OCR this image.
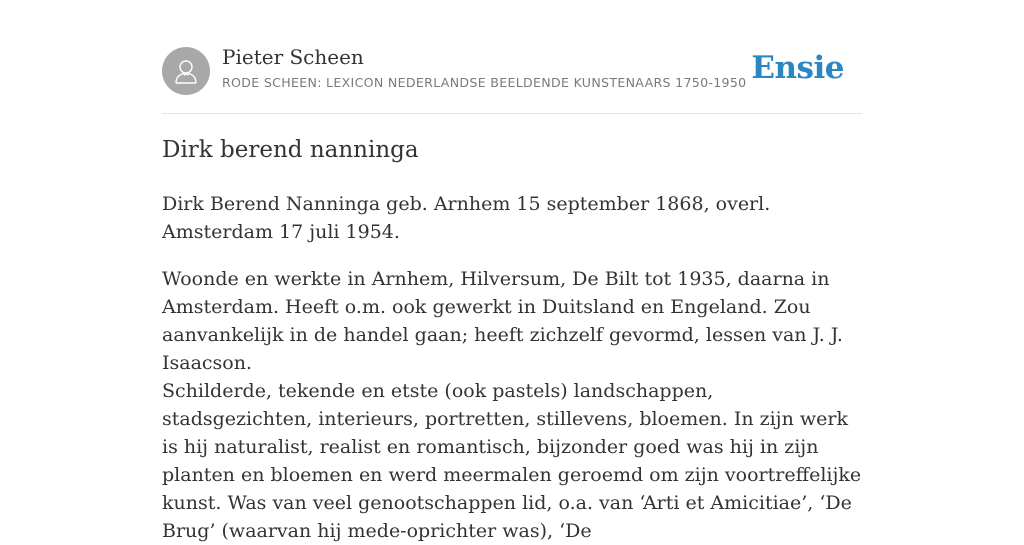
Pieter Scheen
RODE SCHEEN: LEXICON NEDERLANDSE BEELDENDE KUNSTENAARS 1750-1950 Ensie
Dirk berend nanninga

Dirk Berend Nanninga geb. Arnhem 15 september 1868, overl. Amsterdam 17 juli 1954.

Woonde en werkte in Arnhem, Hilversum, De Bilt tot 1935, daarna in Amsterdam. Heeft o.m. ook gewerkt in Duitsland en Engeland. Zou aanvankelijk in de handel gaan; heeft zichzelf gevormd, lessen van J. J. Isaacson.

Schilderde, tekende en etste (ook pastels) landschappen, stadsgezichten, interieurs, portretten, stillevens, bloemen. In zijn werk is hij naturalist, realist en romantisch, bijzonder goed was hij in zijn planten en bloemen en werd meermalen geroemd om zijn voortreffelijke kunst. Was van veel genootschappen lid, o.a. van ‘Arti et Amicitiae’, ‘De Brug’ (waarvan hij mede-oprichter was), ‘De
